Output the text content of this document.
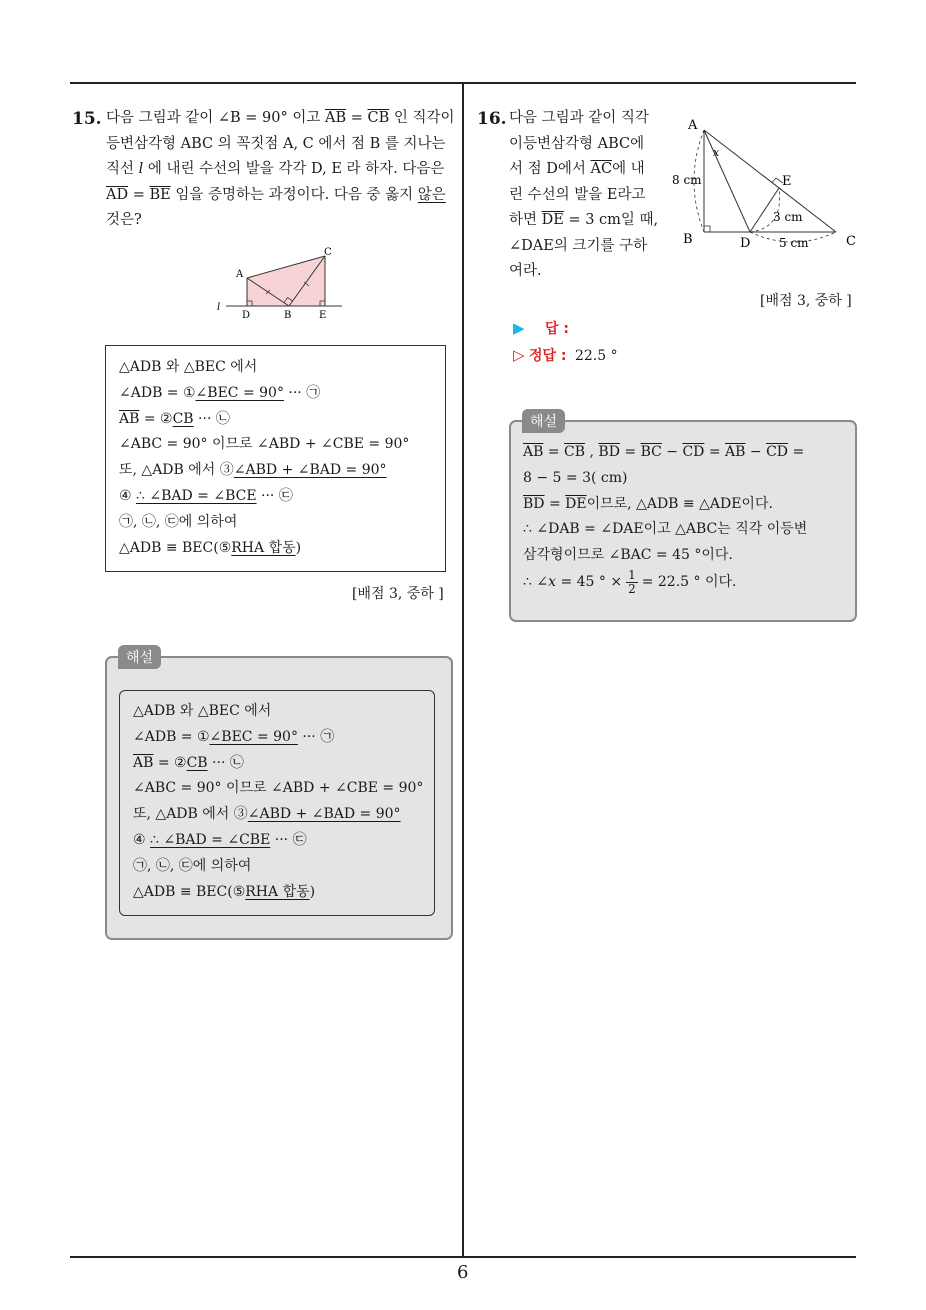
15. 다음 그림과 같이 ∠B = 90° 이고 $\overline{AB} = \overline{CB}$ 인 직각이
등변삼각형 ABC 의 꼭짓점 A, C 에서 점 B 를 지나는
직선 l 에 내린 수선의 발을 각각 D, E 라 하자. 다음은
$\overline{AD} = \overline{BE}$ 임을 증명하는 과정이다. 다음 중 옳지 않은
것은?
A
C
D	B	E
l
△ADB 와 △BEC 에서
∠ADB = ①∠BEC = 90° ··· ㉠
$\overline{AB}$ = ②CB ··· ㉡
∠ABC = 90° 이므로 ∠ABD + ∠CBE = 90°
또, △ADB 에서 ③∠ABD + ∠BAD = 90°
④ ∴ ∠BAD = ∠BCE ··· ㉢
㉠, ㉡, ㉢에 의하여
△ADB ≡ BEC(⑤RHA 합동)
[배점 3, 중하 ]
△ADB 와 △BEC 에서
∠ADB = ①∠BEC = 90° ··· ㉠
$\overline{AB}$ = ②CB ··· ㉡
∠ABC = 90° 이므로 ∠ABD + ∠CBE = 90°
또, △ADB 에서 ③∠ABD + ∠BAD = 90°
④ ∴ ∠BAD = ∠CBE ··· ㉢
㉠, ㉡, ㉢에 의하여
△ADB ≡ BEC(⑤RHA 합동)
해설
16. 다음 그림과 같이 직각
이등변삼각형 ABC에
서 점 D에서 $\overline{AC}$에 내
린 수선의 발을 E라고
하면 $\overline{DE} = 3$ cm일 때,
∠DAE의 크기를 구하
여라.
A
B	C
D
E
x
8 cm
3 cm
5 cm
[배점 3, 중하 ]
▶ 답 :
▷ 정답 : 22.5 °
$\overline{AB} = \overline{CB}$ , $\overline{BD} = \overline{BC} - \overline{CD} = \overline{AB} - \overline{CD}$ =
8 − 5 = 3( cm)
$\overline{BD} = \overline{DE}$이므로, △ADB ≡ △ADE이다.
∴ ∠DAB = ∠DAE이고 △ABC는 직각 이등변
삼각형이므로 ∠BAC = 45 °이다.
∴ ∠x = 45 ° × $\frac{1}{2} = 22.5$ ° 이다.
해설
6
